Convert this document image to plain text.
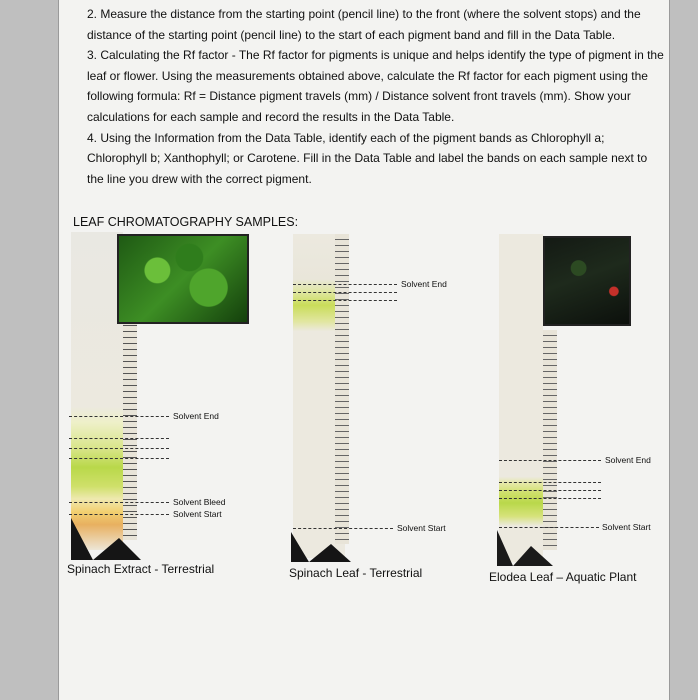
2. Measure the distance from the starting point (pencil line) to the front (where the solvent stops) and the distance of the starting point (pencil line) to the start of each pigment band and fill in the Data Table.

3. Calculating the Rf factor - The Rf factor for pigments is unique and helps identify the type of pigment in the leaf or flower. Using the measurements obtained above, calculate the Rf factor for each pigment using the following formula: Rf = Distance pigment travels (mm) / Distance solvent front travels (mm). Show your calculations for each sample and record the results in the Data Table.

4. Using the Information from the Data Table, identify each of the pigment bands as Chlorophyll a; Chlorophyll b; Xanthophyll; or Carotene. Fill in the Data Table and label the bands on each sample next to the line you drew with the correct pigment.

LEAF CHROMATOGRAPHY SAMPLES:
Solvent End
Solvent Bleed
Solvent Start
Spinach Extract - Terrestrial
Solvent End
Solvent Start
Spinach Leaf - Terrestrial
Solvent End
Solvent Start
Elodea Leaf – Aquatic Plant
